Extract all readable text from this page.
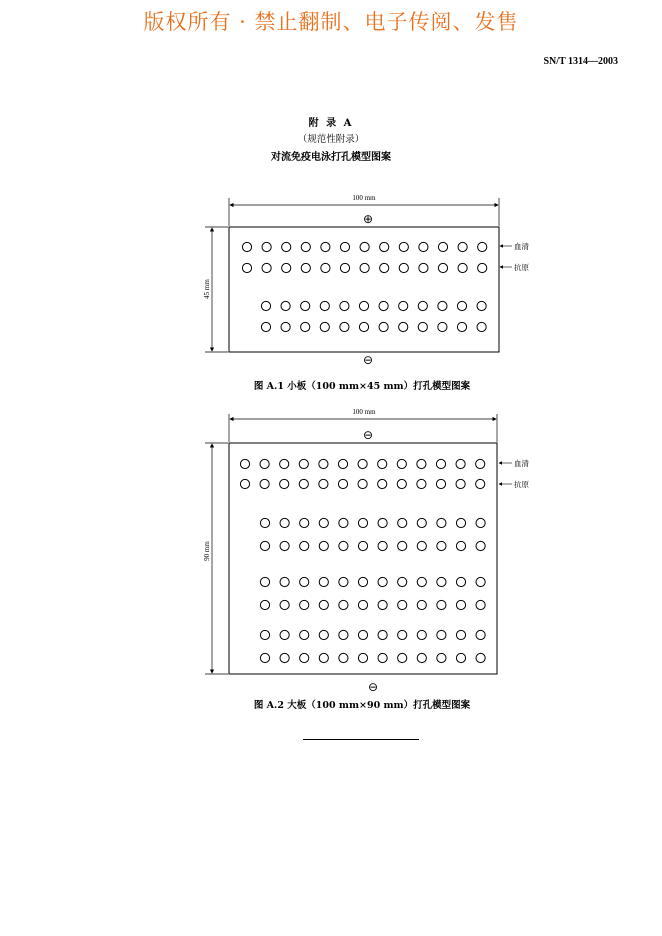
版权所有 · 禁止翻制、电子传阅、发售
SN/T 1314—2003
附 录 A
（规范性附录）
对流免疫电泳打孔模型图案
100 mm
45 mm
⊕
⊖
血清
抗原
图 A.1 小板（100 mm×45 mm）打孔模型图案
100 mm
90 mm
⊖
⊖
血清
抗原
图 A.2 大板（100 mm×90 mm）打孔模型图案
